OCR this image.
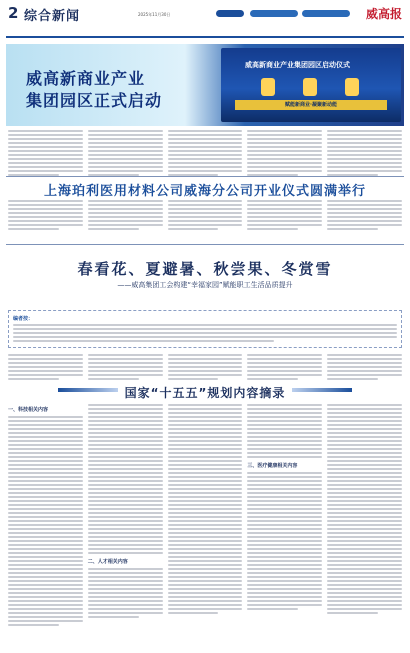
2 综合新闻	2025年11月30日	威高报
威高新商业产业
集团园区正式启动
威高新商业产业集团园区启动仪式
赋能新商业·凝聚新动能
上海珀利医用材料公司威海分公司开业仪式圆满举行
春看花、夏避暑、秋尝果、冬赏雪
——威高集团工会构建“幸福家园”赋能职工生活品质提升
编者按：
国家“十五五”规划内容摘录
一、科技相关内容
二、人才相关内容
三、医疗健康相关内容
